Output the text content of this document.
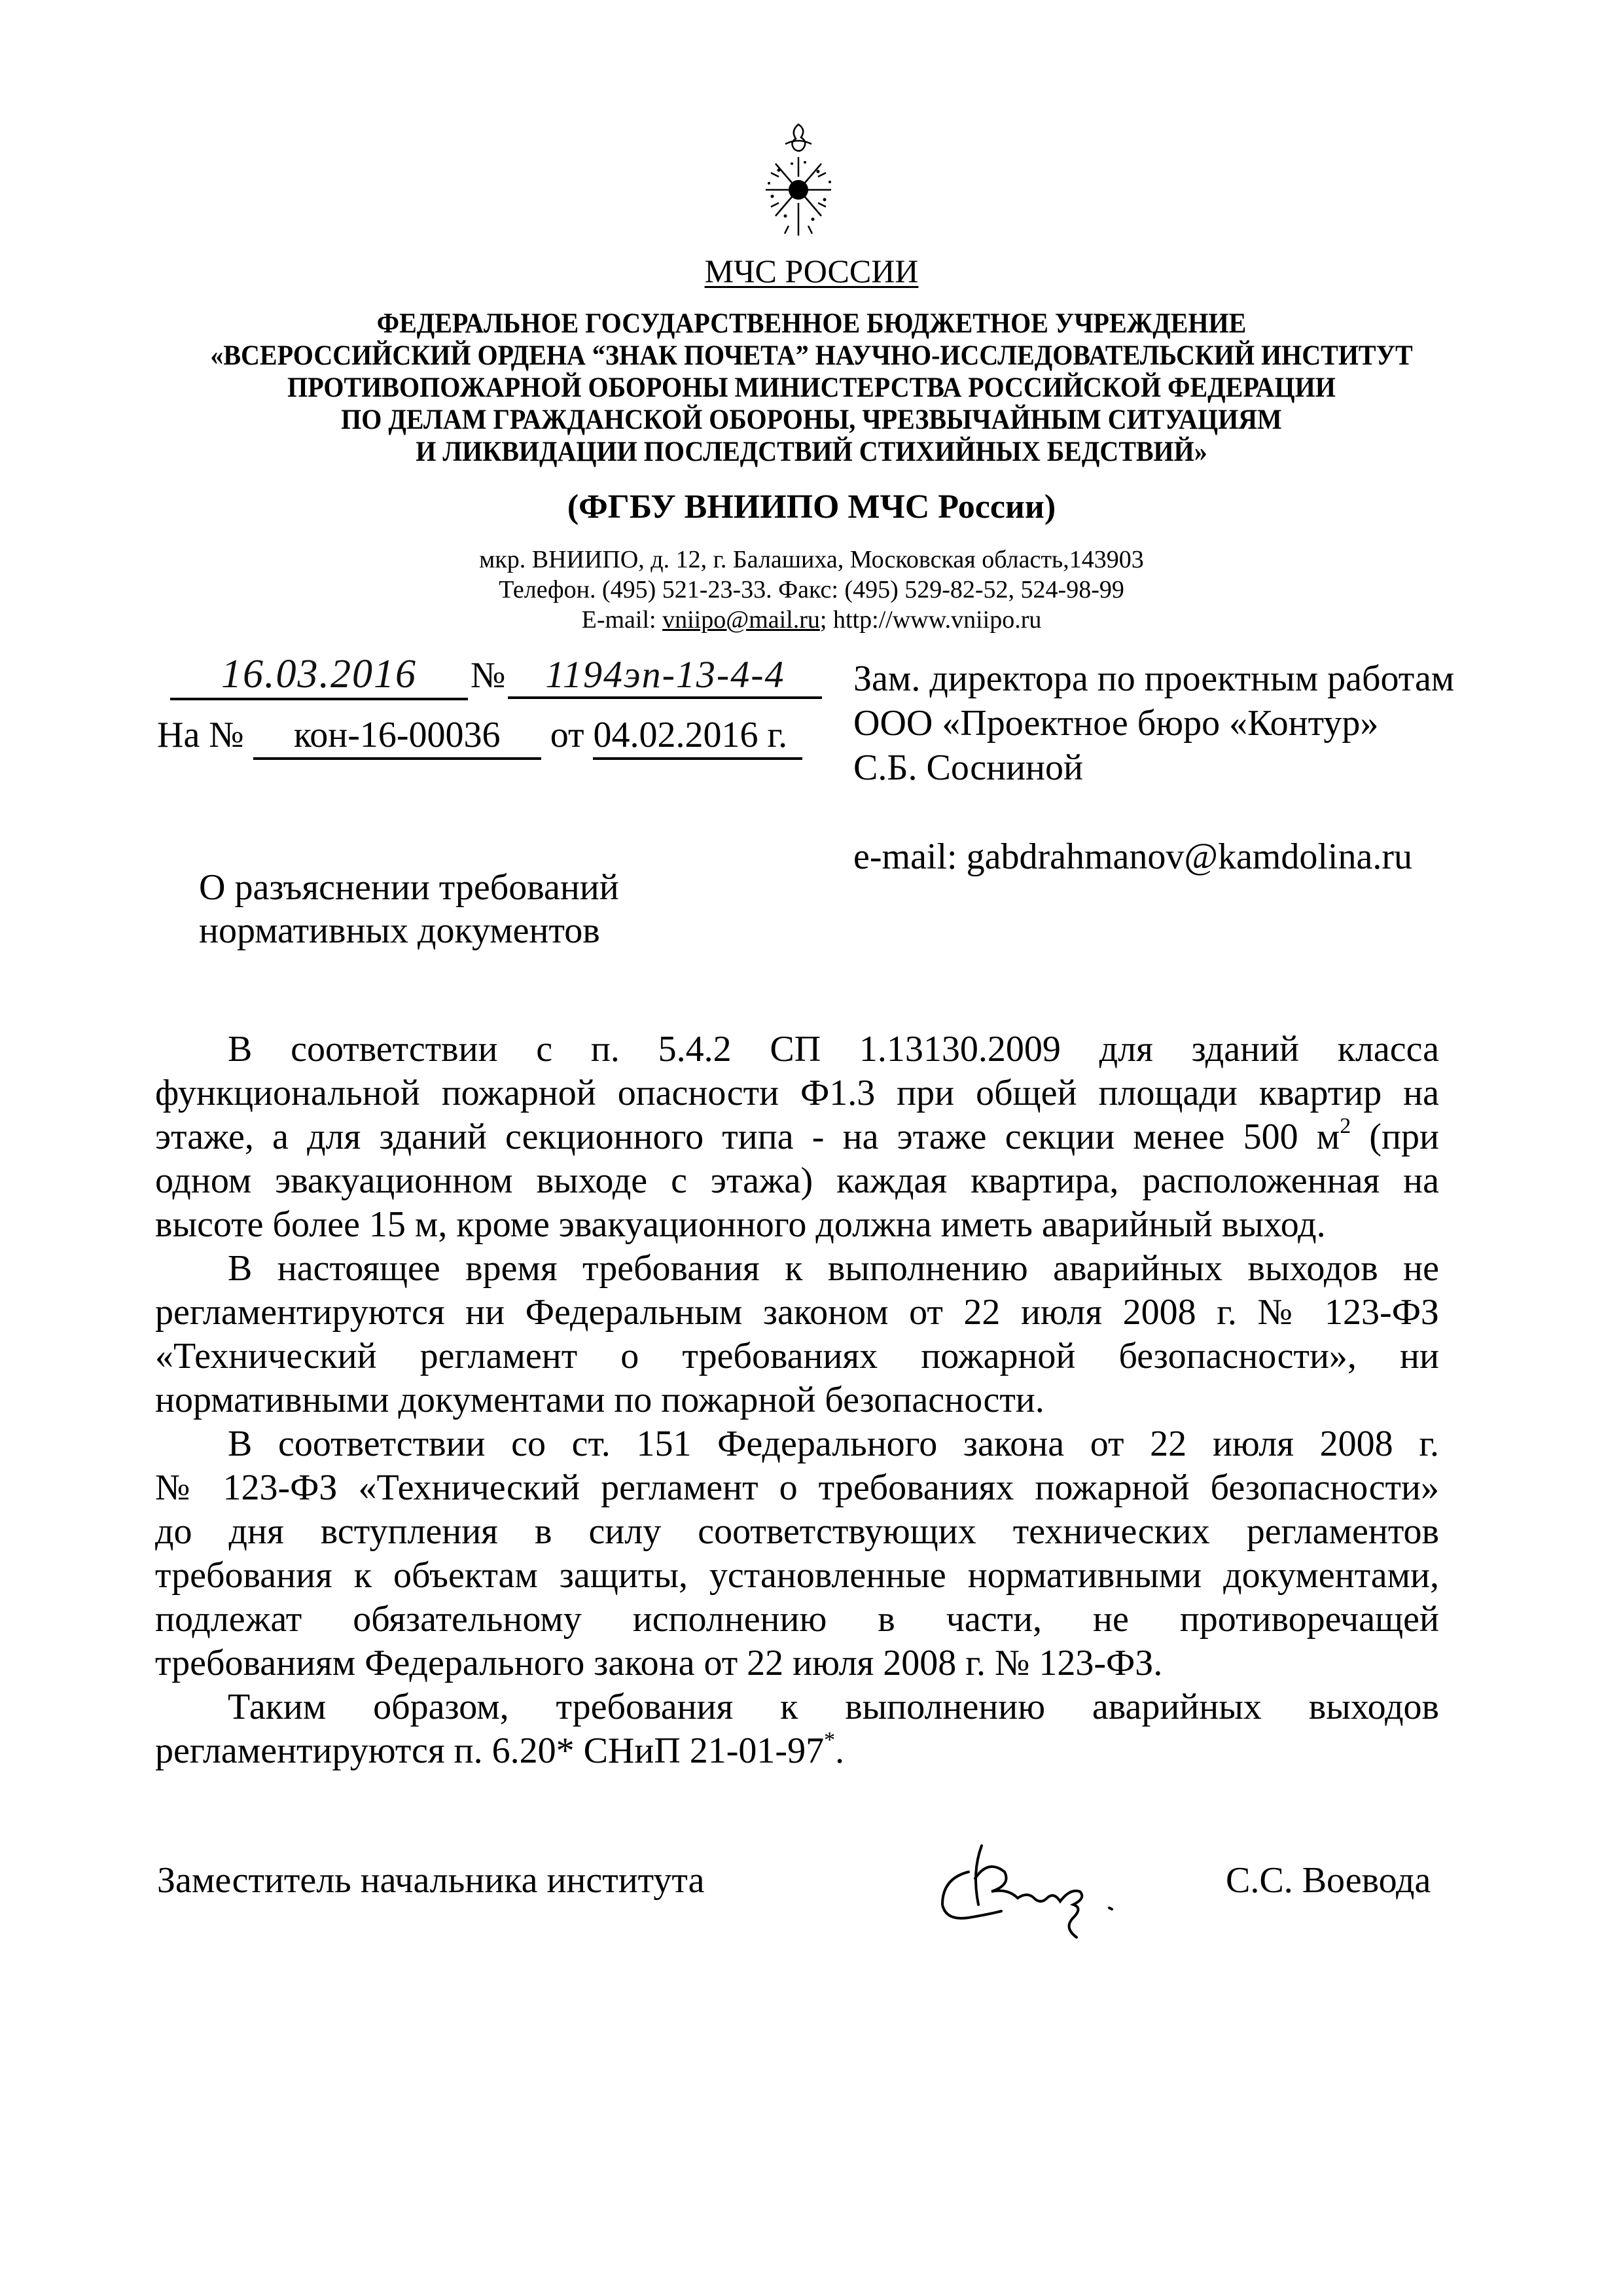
МЧС РОССИИ
ФЕДЕРАЛЬНОЕ ГОСУДАРСТВЕННОЕ БЮДЖЕТНОЕ УЧРЕЖДЕНИЕ
«ВСЕРОССИЙСКИЙ ОРДЕНА “ЗНАК ПОЧЕТА” НАУЧНО-ИССЛЕДОВАТЕЛЬСКИЙ ИНСТИТУТ
ПРОТИВОПОЖАРНОЙ ОБОРОНЫ МИНИСТЕРСТВА РОССИЙСКОЙ ФЕДЕРАЦИИ
ПО ДЕЛАМ ГРАЖДАНСКОЙ ОБОРОНЫ, ЧРЕЗВЫЧАЙНЫМ СИТУАЦИЯМ
И ЛИКВИДАЦИИ ПОСЛЕДСТВИЙ СТИХИЙНЫХ БЕДСТВИЙ»
(ФГБУ ВНИИПО МЧС России)
мкр. ВНИИПО, д. 12, г. Балашиха, Московская область,143903
Телефон. (495) 521-23-33. Факс: (495) 529-82-52, 524-98-99
E-mail: vniipo@mail.ru; http://www.vniipo.ru
16.03.2016 № 1194эп-13-4-4
На № кон-16-00036 от 04.02.2016 г.
Зам. директора по проектным работам
ООО «Проектное бюро «Контур»
С.Б. Сосниной
e-mail: gabdrahmanov@kamdolina.ru
О разъяснении требований
нормативных документов
В соответствии с п. 5.4.2 СП 1.13130.2009 для зданий класса
функциональной пожарной опасности Ф1.3 при общей площади квартир на
этаже, а для зданий секционного типа - на этаже секции менее 500 $м^2$ (при
одном эвакуационном выходе с этажа) каждая квартира, расположенная на
высоте более 15 м, кроме эвакуационного должна иметь аварийный выход.
В настоящее время требования к выполнению аварийных выходов не
регламентируются ни Федеральным законом от 22 июля 2008 г. № 123-ФЗ
«Технический регламент о требованиях пожарной безопасности», ни
нормативными документами по пожарной безопасности.
В соответствии со ст. 151 Федерального закона от 22 июля 2008 г.
№ 123-ФЗ «Технический регламент о требованиях пожарной безопасности»
до дня вступления в силу соответствующих технических регламентов
требования к объектам защиты, установленные нормативными документами,
подлежат обязательному исполнению в части, не противоречащей
требованиям Федерального закона от 22 июля 2008 г. № 123-ФЗ.
Таким образом, требования к выполнению аварийных выходов
регламентируются п. 6.20* СНиП 21-01-97*.
Заместитель начальника института	С.С. Воевода
